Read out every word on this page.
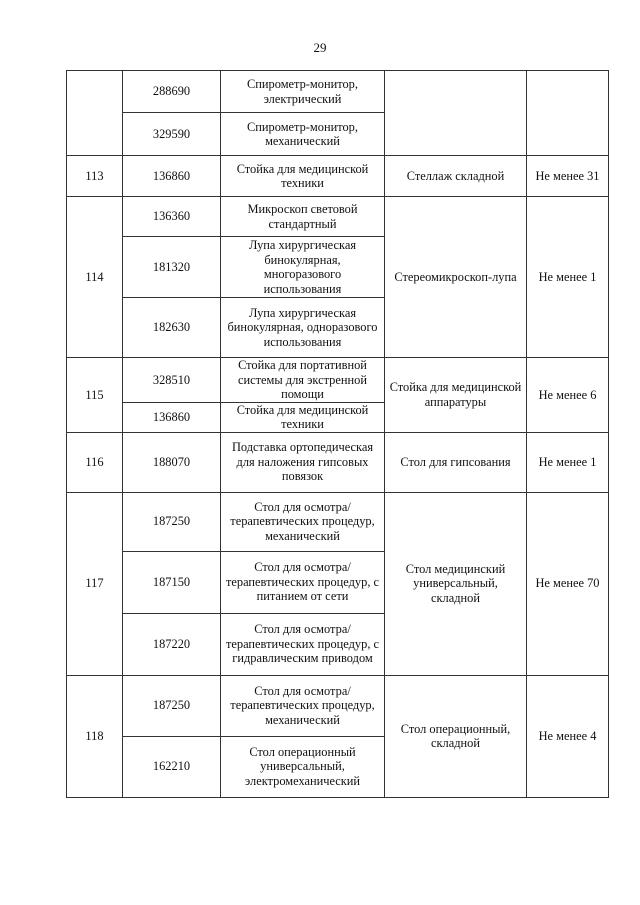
29
	288690	Спирометр-монитор, электрический		
	329590	Спирометр-монитор, механический		
113	136860	Стойка для медицинской техники	Стеллаж складной	Не менее 31
114	136360	Микроскоп световой стандартный	Стереомикроскоп-лупа	Не менее 1
	181320	Лупа хирургическая бинокулярная, многоразового использования		
	182630	Лупа хирургическая бинокулярная, одноразового использования		
115	328510	Стойка для портативной системы для экстренной помощи	Стойка для медицинской аппаратуры	Не менее 6
	136860	Стойка для медицинской техники		
116	188070	Подставка ортопедическая для наложения гипсовых повязок	Стол для гипсования	Не менее 1
117	187250	Стол для осмотра/терапевтических процедур, механический	Стол медицинский универсальный, складной	Не менее 70
	187150	Стол для осмотра/терапевтических процедур, с питанием от сети		
	187220	Стол для осмотра/терапевтических процедур, с гидравлическим приводом		
118	187250	Стол для осмотра/терапевтических процедур, механический	Стол операционный, складной	Не менее 4
	162210	Стол операционный универсальный, электромеханический		
